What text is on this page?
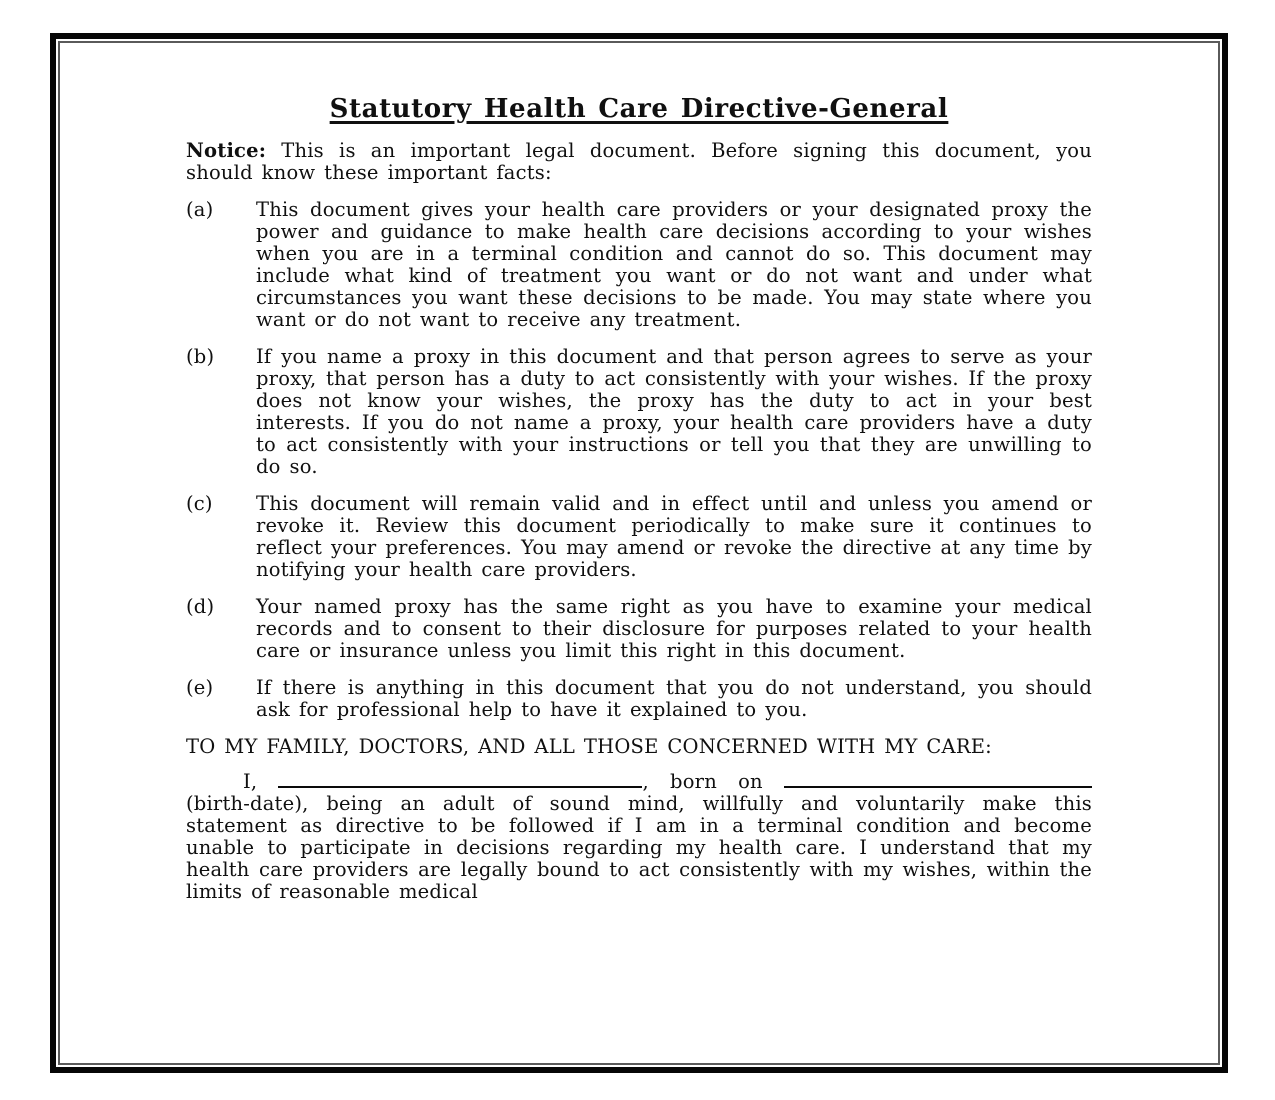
Statutory Health Care Directive-General

Notice: This is an important legal document. Before signing this document, you should know these important facts:

(a) This document gives your health care providers or your designated proxy the power and guidance to make health care decisions according to your wishes when you are in a terminal condition and cannot do so. This document may include what kind of treatment you want or do not want and under what circumstances you want these decisions to be made. You may state where you want or do not want to receive any treatment.
(b) If you name a proxy in this document and that person agrees to serve as your proxy, that person has a duty to act consistently with your wishes. If the proxy does not know your wishes, the proxy has the duty to act in your best interests. If you do not name a proxy, your health care providers have a duty to act consistently with your instructions or tell you that they are unwilling to do so.
(c) This document will remain valid and in effect until and unless you amend or revoke it. Review this document periodically to make sure it continues to reflect your preferences. You may amend or revoke the directive at any time by notifying your health care providers.
(d) Your named proxy has the same right as you have to examine your medical records and to consent to their disclosure for purposes related to your health care or insurance unless you limit this right in this document.
(e) If there is anything in this document that you do not understand, you should ask for professional help to have it explained to you.

TO MY FAMILY, DOCTORS, AND ALL THOSE CONCERNED WITH MY CARE:

I,	, born on  (birth-date), being an adult of sound mind, willfully and voluntarily make this statement as directive to be followed if I am in a terminal condition and become unable to participate in decisions regarding my health care. I understand that my health care providers are legally bound to act consistently with my wishes, within the limits of reasonable medical
